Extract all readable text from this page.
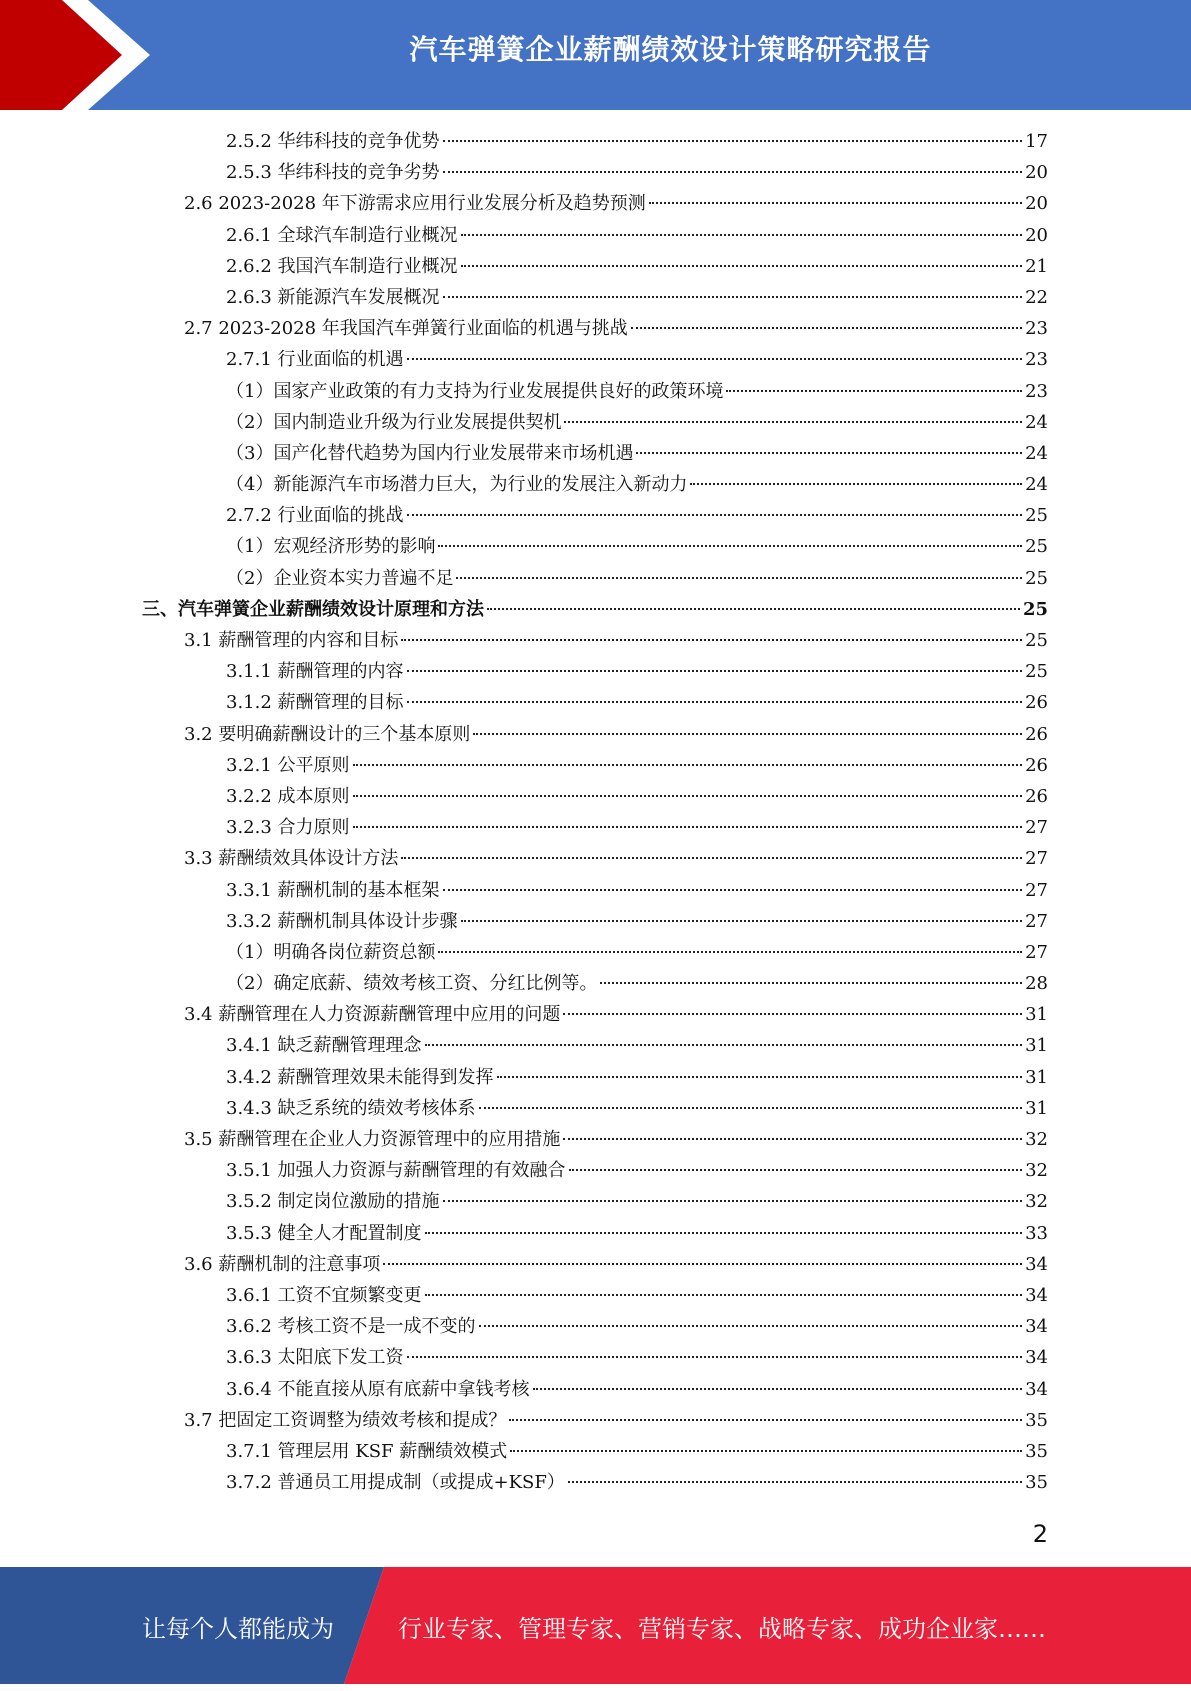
汽车弹簧企业薪酬绩效设计策略研究报告
2.5.2 华纬科技的竞争优势	17
2.5.3 华纬科技的竞争劣势	20
2.6 2023-2028 年下游需求应用行业发展分析及趋势预测	20
2.6.1 全球汽车制造行业概况	20
2.6.2 我国汽车制造行业概况	21
2.6.3 新能源汽车发展概况	22
2.7 2023-2028 年我国汽车弹簧行业面临的机遇与挑战	23
2.7.1 行业面临的机遇	23
（1）国家产业政策的有力支持为行业发展提供良好的政策环境	23
（2）国内制造业升级为行业发展提供契机	24
（3）国产化替代趋势为国内行业发展带来市场机遇	24
（4）新能源汽车市场潜力巨大，为行业的发展注入新动力	24
2.7.2 行业面临的挑战	25
（1）宏观经济形势的影响	25
（2）企业资本实力普遍不足	25
三、汽车弹簧企业薪酬绩效设计原理和方法	25
3.1 薪酬管理的内容和目标	25
3.1.1 薪酬管理的内容	25
3.1.2 薪酬管理的目标	26
3.2 要明确薪酬设计的三个基本原则	26
3.2.1 公平原则	26
3.2.2 成本原则	26
3.2.3 合力原则	27
3.3 薪酬绩效具体设计方法	27
3.3.1 薪酬机制的基本框架	27
3.3.2 薪酬机制具体设计步骤	27
（1）明确各岗位薪资总额	27
（2）确定底薪、绩效考核工资、分红比例等。	28
3.4 薪酬管理在人力资源薪酬管理中应用的问题	31
3.4.1 缺乏薪酬管理理念	31
3.4.2 薪酬管理效果未能得到发挥	31
3.4.3 缺乏系统的绩效考核体系	31
3.5 薪酬管理在企业人力资源管理中的应用措施	32
3.5.1 加强人力资源与薪酬管理的有效融合	32
3.5.2 制定岗位激励的措施	32
3.5.3 健全人才配置制度	33
3.6 薪酬机制的注意事项	34
3.6.1 工资不宜频繁变更	34
3.6.2 考核工资不是一成不变的	34
3.6.3 太阳底下发工资	34
3.6.4 不能直接从原有底薪中拿钱考核	34
3.7 把固定工资调整为绩效考核和提成？	35
3.7.1 管理层用 KSF 薪酬绩效模式	35
3.7.2 普通员工用提成制（或提成+KSF）	35
2
让每个人都能成为	行业专家、管理专家、营销专家、战略专家、成功企业家……
